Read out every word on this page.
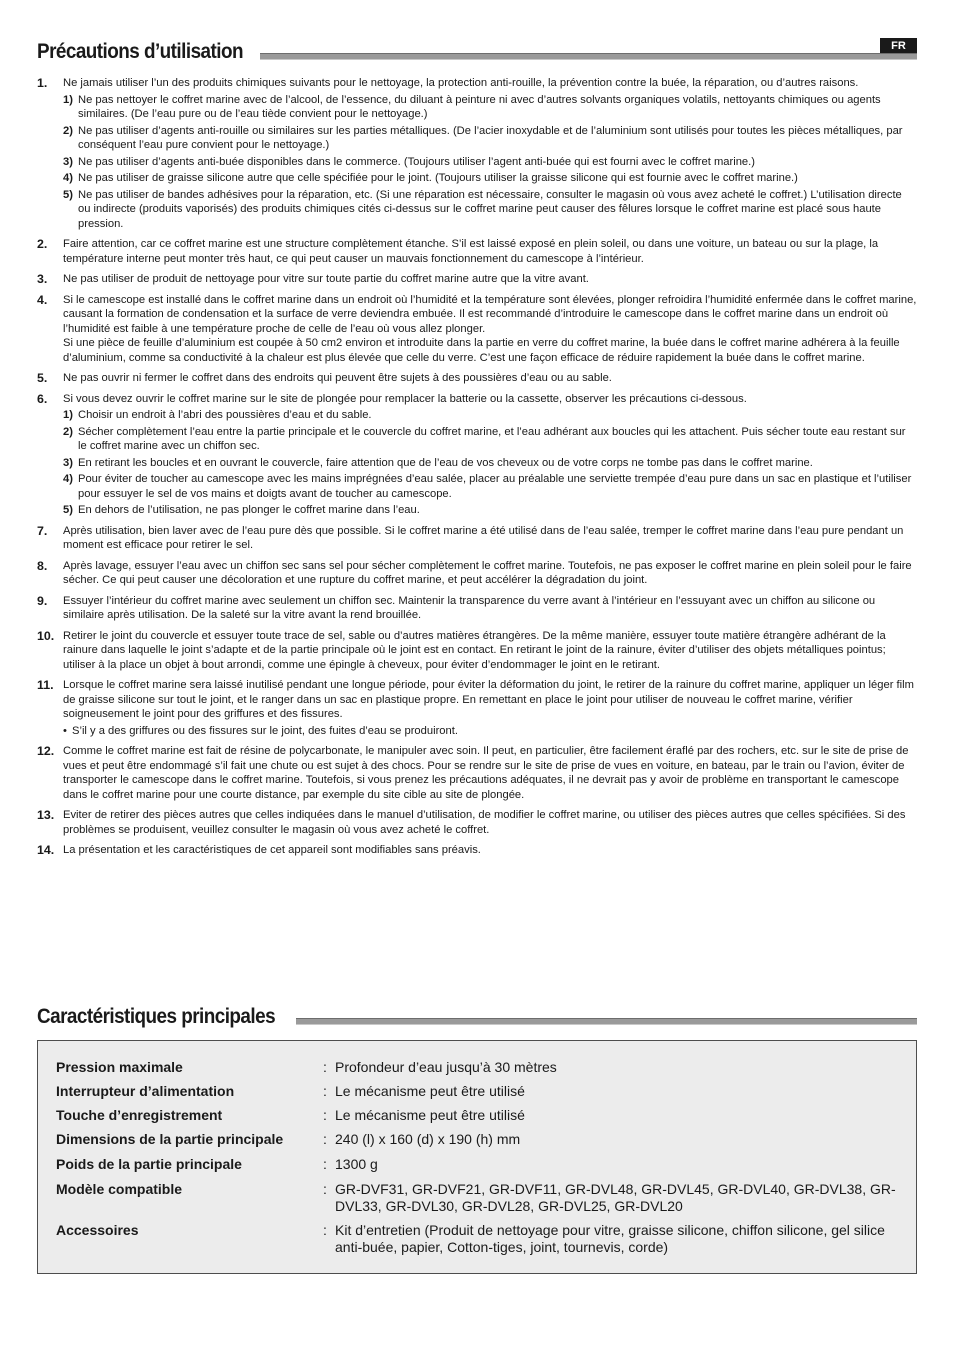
FR
Précautions d’utilisation
1.	Ne jamais utiliser l’un des produits chimiques suivants pour le nettoyage, la protection anti-rouille, la prévention contre la buée, la réparation, ou d’autres raisons.
1) Ne pas nettoyer le coffret marine avec de l’alcool, de l’essence, du diluant à peinture ni avec d’autres solvants organiques volatils, nettoyants chimiques ou agents similaires. (De l’eau pure ou de l’eau tiède convient pour le nettoyage.)
2) Ne pas utiliser d’agents anti-rouille ou similaires sur les parties métalliques. (De l’acier inoxydable et de l’aluminium sont utilisés pour toutes les pièces métalliques, par conséquent l’eau pure convient pour le nettoyage.)
3) Ne pas utiliser d’agents anti-buée disponibles dans le commerce. (Toujours utiliser l’agent anti-buée qui est fourni avec le coffret marine.)
4) Ne pas utiliser de graisse silicone autre que celle spécifiée pour le joint. (Toujours utiliser la graisse silicone qui est fournie avec le coffret marine.)
5) Ne pas utiliser de bandes adhésives pour la réparation, etc. (Si une réparation est nécessaire, consulter le magasin où vous avez acheté le coffret.) L’utilisation directe ou indirecte (produits vaporisés) des produits chimiques cités ci-dessus sur le coffret marine peut causer des fêlures lorsque le coffret marine est placé sous haute pression.
2.	Faire attention, car ce coffret marine est une structure complètement étanche. S’il est laissé exposé en plein soleil, ou dans une voiture, un bateau ou sur la plage, la température interne peut monter très haut, ce qui peut causer un mauvais fonctionnement du camescope à l’intérieur.
3.	Ne pas utiliser de produit de nettoyage pour vitre sur toute partie du coffret marine autre que la vitre avant.
4.	Si le camescope est installé dans le coffret marine dans un endroit où l’humidité et la température sont élevées, plonger refroidira l’humidité enfermée dans le coffret marine, causant la formation de condensation et la surface de verre deviendra embuée. Il est recommandé d’introduire le camescope dans le coffret marine dans un endroit où l’humidité est faible à une température proche de celle de l’eau où vous allez plonger.
Si une pièce de feuille d’aluminium est coupée à 50 cm2 environ et introduite dans la partie en verre du coffret marine, la buée dans le coffret marine adhérera à la feuille d’aluminium, comme sa conductivité à la chaleur est plus élevée que celle du verre. C’est une façon efficace de réduire rapidement la buée dans le coffret marine.
5.	Ne pas ouvrir ni fermer le coffret dans des endroits qui peuvent être sujets à des poussières d’eau ou au sable.
6.	Si vous devez ouvrir le coffret marine sur le site de plongée pour remplacer la batterie ou la cassette, observer les précautions ci-dessous.
1) Choisir un endroit à l’abri des poussières d’eau et du sable.
2) Sécher complètement l’eau entre la partie principale et le couvercle du coffret marine, et l’eau adhérant aux boucles qui les attachent. Puis sécher toute eau restant sur le coffret marine avec un chiffon sec.
3) En retirant les boucles et en ouvrant le couvercle, faire attention que de l’eau de vos cheveux ou de votre corps ne tombe pas dans le coffret marine.
4) Pour éviter de toucher au camescope avec les mains imprégnées d’eau salée, placer au préalable une serviette trempée d’eau pure dans un sac en plastique et l’utiliser pour essuyer le sel de vos mains et doigts avant de toucher au camescope.
5) En dehors de l’utilisation, ne pas plonger le coffret marine dans l’eau.
7.	Après utilisation, bien laver avec de l’eau pure dès que possible. Si le coffret marine a été utilisé dans de l’eau salée, tremper le coffret marine dans l’eau pure pendant un moment est efficace pour retirer le sel.
8.	Après lavage, essuyer l’eau avec un chiffon sec sans sel pour sécher complètement le coffret marine. Toutefois, ne pas exposer le coffret marine en plein soleil pour le faire sécher. Ce qui peut causer une décoloration et une rupture du coffret marine, et peut accélérer la dégradation du joint.
9.	Essuyer l’intérieur du coffret marine avec seulement un chiffon sec. Maintenir la transparence du verre avant à l’intérieur en l’essuyant avec un chiffon au silicone ou similaire après utilisation. De la saleté sur la vitre avant la rend brouillée.
10. Retirer le joint du couvercle et essuyer toute trace de sel, sable ou d’autres matières étrangères. De la même manière, essuyer toute matière étrangère adhérant de la rainure dans laquelle le joint s’adapte et de la partie principale où le joint est en contact. En retirant le joint de la rainure, éviter d’utiliser des objets métalliques pointus; utiliser à la place un objet à bout arrondi, comme une épingle à cheveux, pour éviter d’endommager le joint en le retirant.
11. Lorsque le coffret marine sera laissé inutilisé pendant une longue période, pour éviter la déformation du joint, le retirer de la rainure du coffret marine, appliquer un léger film de graisse silicone sur tout le joint, et le ranger dans un sac en plastique propre. En remettant en place le joint pour utiliser de nouveau le coffret marine, vérifier soigneusement le joint pour des griffures et des fissures.
• S’il y a des griffures ou des fissures sur le joint, des fuites d’eau se produiront.
12. Comme le coffret marine est fait de résine de polycarbonate, le manipuler avec soin. Il peut, en particulier, être facilement éraflé par des rochers, etc. sur le site de prise de vues et peut être endommagé s’il fait une chute ou est sujet à des chocs. Pour se rendre sur le site de prise de vues en voiture, en bateau, par le train ou l’avion, éviter de transporter le camescope dans le coffret marine. Toutefois, si vous prenez les précautions adéquates, il ne devrait pas y avoir de problème en transportant le camescope dans le coffret marine pour une courte distance, par exemple du site cible au site de plongée.
13. Eviter de retirer des pièces autres que celles indiquées dans le manuel d’utilisation, de modifier le coffret marine, ou utiliser des pièces autres que celles spécifiées. Si des problèmes se produisent, veuillez consulter le magasin où vous avez acheté le coffret.
14. La présentation et les caractéristiques de cet appareil sont modifiables sans préavis.
Caractéristiques principales
Pression maximale	: Profondeur d’eau jusqu’à 30 mètres
Interrupteur d’alimentation	: Le mécanisme peut être utilisé
Touche d’enregistrement	: Le mécanisme peut être utilisé
Dimensions de la partie principale	: 240 (l) x 160 (d) x 190 (h) mm
Poids de la partie principale	: 1300 g
Modèle compatible	: GR-DVF31, GR-DVF21, GR-DVF11, GR-DVL48, GR-DVL45, GR-DVL40, GR-DVL38, GR-DVL33, GR-DVL30, GR-DVL28, GR-DVL25, GR-DVL20
Accessoires	: Kit d’entretien (Produit de nettoyage pour vitre, graisse silicone, chiffon silicone, gel silice anti-buée, papier, Cotton-tiges, joint, tournevis, corde)
